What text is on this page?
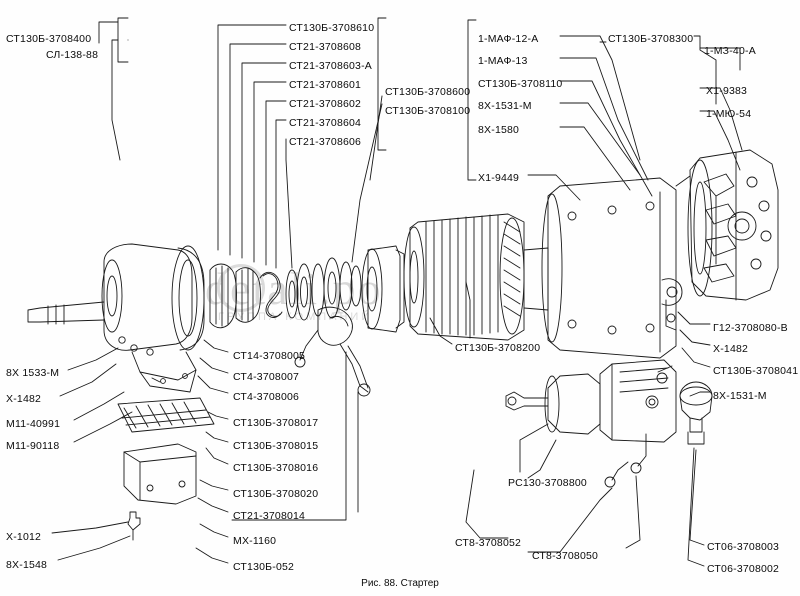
detali.po
ГРУППА КОМПАНИЙ
СТ130Б-3708400
СЛ-138-88
СТ130Б-3708610
СТ21-3708608
СТ21-3708603-А
СТ21-3708601
СТ21-3708602
СТ21-3708604
СТ21-3708606
СТ130Б-3708600
СТ130Б-3708100
1-МАФ-12-А
1-МАФ-13
СТ130Б-3708110
8Х-1531-М
8Х-1580
Х1-9449
СТ130Б-3708300
1-МЗ-40-А
Х1-9383
1-МЮ-54
8Х 1533-М
Х-1482
М11-40991
М11-90118
Х-1012
8Х-1548
СТ14-3708005
СТ4-3708007
СТ4-3708006
СТ130Б-3708017
СТ130Б-3708015
СТ130Б-3708016
СТ130Б-3708020
СТ21-3708014
МХ-1160
СТ130Б-052
СТ130Б-3708200
Г12-3708080-В
Х-1482
СТ130Б-3708041
8Х-1531-М
РС130-3708800
СТ8-3708052
СТ8-3708050
СТ06-3708003
СТ06-3708002
Рис. 88. Стартер
